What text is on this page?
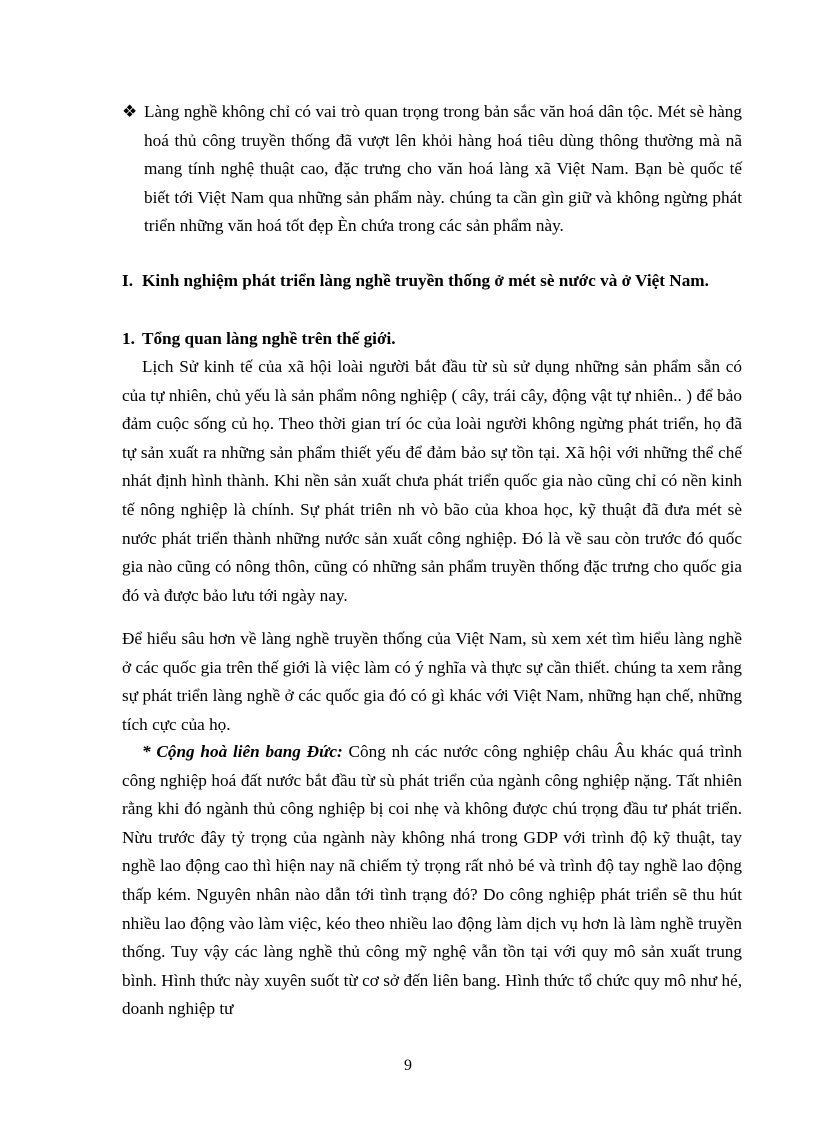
❖ Làng nghề không chỉ có vai trò quan trọng trong bản sắc văn hoá dân tộc. Mét sè hàng hoá thủ công truyền thống đã vượt lên khỏi hàng hoá tiêu dùng thông thường mà nã mang tính nghệ thuật cao, đặc trưng cho văn hoá làng xã Việt Nam. Bạn bè quốc tế biết tới Việt Nam qua những sản phẩm này. chúng ta cần gìn giữ và không ngừng phát triển những văn hoá tốt đẹp Èn chứa trong các sản phẩm này.
I. Kinh nghiệm phát triển làng nghề truyền thống ở mét sè nước và ở Việt Nam.
1. Tổng quan làng nghề trên thế giới.
Lịch Sử kinh tế của xã hội loài người bắt đầu từ sù sử dụng những sản phẩm sẵn có của tự nhiên, chủ yếu là sản phẩm nông nghiệp ( cây, trái cây, động vật tự nhiên.. ) để bảo đảm cuộc sống củ họ. Theo thời gian trí óc của loài người không ngừng phát triển, họ đã tự sản xuất ra những sản phẩm thiết yếu để đảm bảo sự tồn tại. Xã hội với những thể chế nhát định hình thành. Khi nền sản xuất chưa phát triển quốc gia nào cũng chỉ có nền kinh tế nông nghiệp là chính. Sự phát triên nh vò bão của khoa học, kỹ thuật đã đưa mét sè nước phát triển thành những nước sản xuất công nghiệp. Đó là về sau còn trước đó quốc gia nào cũng có nông thôn, cũng có những sản phẩm truyền thống đặc trưng cho quốc gia đó và được bảo lưu tới ngày nay.
Để hiểu sâu hơn về làng nghề truyền thống của Việt Nam, sù xem xét tìm hiểu làng nghề ở các quốc gia trên thế giới là việc làm có ý nghĩa và thực sự cần thiết. chúng ta xem rằng sự phát triển làng nghề ở các quốc gia đó có gì khác với Việt Nam, những hạn chế, những tích cực của họ.
* Cộng hoà liên bang Đức: Công nh các nước công nghiệp châu Âu khác quá trình công nghiệp hoá đất nước bắt đầu từ sù phát triển của ngành công nghiệp nặng. Tất nhiên rằng khi đó ngành thủ công nghiệp bị coi nhẹ và không được chú trọng đầu tư phát triển. Nừu trước đây tỷ trọng của ngành này không nhá trong GDP với trình độ kỹ thuật, tay nghề lao động cao thì hiện nay nã chiếm tỷ trọng rất nhỏ bé và trình độ tay nghề lao động thấp kém. Nguyên nhân nào dẫn tới tình trạng đó? Do công nghiệp phát triển sẽ thu hút nhiều lao động vào làm việc, kéo theo nhiều lao động làm dịch vụ hơn là làm nghề truyền thống. Tuy vậy các làng nghề thủ công mỹ nghệ vẫn tồn tại với quy mô sản xuất trung bình. Hình thức này xuyên suốt từ cơ sở đến liên bang. Hình thức tổ chức quy mô như hé, doanh nghiệp tư
9
